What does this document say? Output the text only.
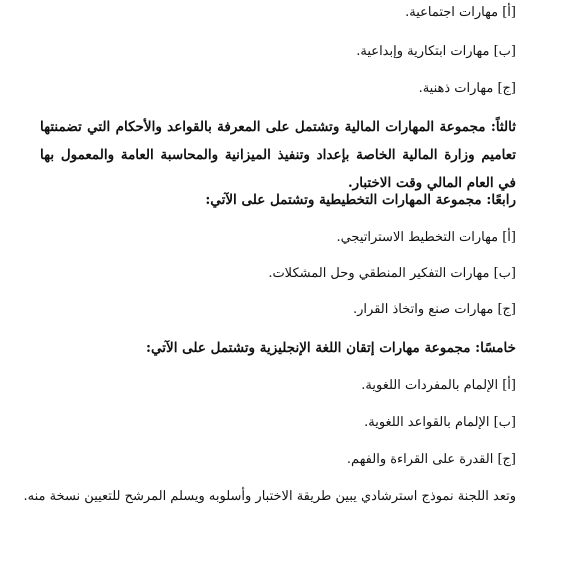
[أ] مهارات اجتماعية.
[ب] مهارات ابتكارية وإبداعية.
[ج] مهارات ذهنية.
ثالثاً: مجموعة المهارات المالية وتشتمل على المعرفة بالقواعد والأحكام التي تضمنتها تعاميم وزارة المالية الخاصة بإعداد وتنفيذ الميزانية والمحاسبة العامة والمعمول بها في العام المالي وقت الاختبار.
رابعًا: مجموعة المهارات التخطيطية وتشتمل على الآتي:
[أ] مهارات التخطيط الاستراتيجي.
[ب] مهارات التفكير المنطقي وحل المشكلات.
[ج] مهارات صنع واتخاذ القرار.
خامسًا: مجموعة مهارات إتقان اللغة الإنجليزية وتشتمل على الآتي:
[أ] الإلمام بالمفردات اللغوية.
[ب] الإلمام بالقواعد اللغوية.
[ج] القدرة على القراءة والفهم.
وتعد اللجنة نموذج استرشادي يبين طريقة الاختبار وأسلوبه ويسلم المرشح للتعيين نسخة منه.
